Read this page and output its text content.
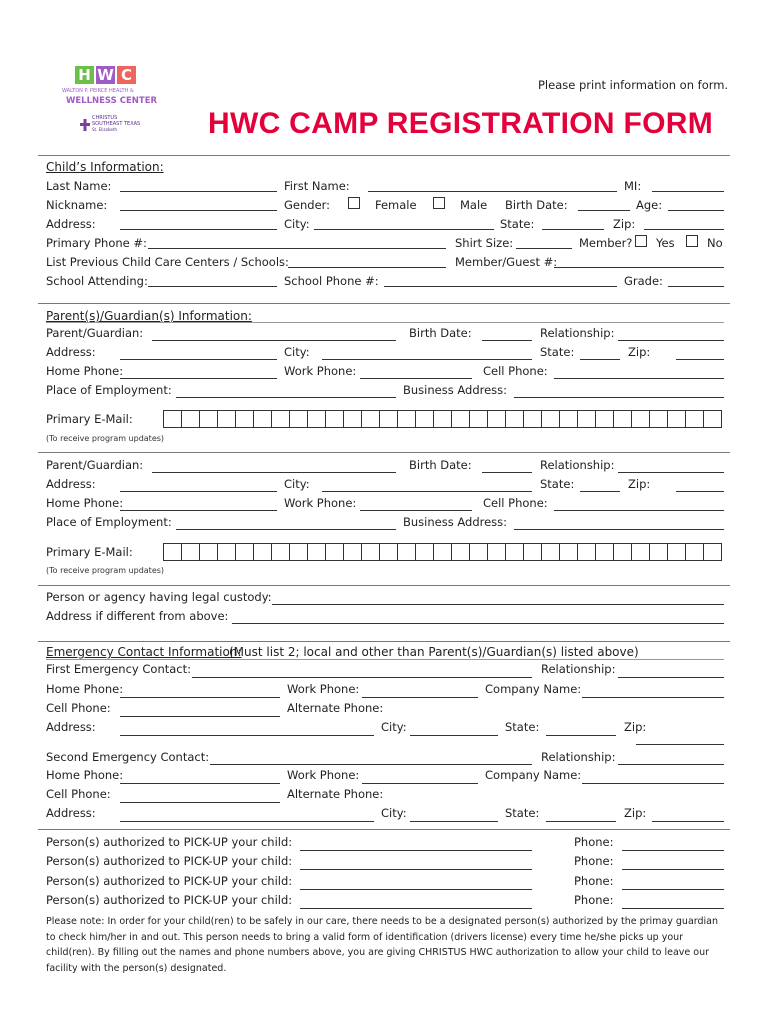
H W C
WALTON P. PEIRCE HEALTH &
WELLNESS CENTER
CHRISTUS
SOUTHEAST TEXAS
St. Elizabeth
Please print information on form.
HWC CAMP REGISTRATION FORM
Child’s Information:
Last Name:	First Name:	MI:
Nickname:	Gender:	Female	Male Birth Date:	Age:
Address:	City:	State:	Zip:
Primary Phone #:	Shirt Size:	Member? Yes	No
List Previous Child Care Centers / Schools:	Member/Guest #:
School Attending:	School Phone #:	Grade:
Parent(s)/Guardian(s) Information:
Parent/Guardian:	Birth Date:	Relationship:
Address:	City:	State:	Zip:
Home Phone:	Work Phone:	Cell Phone:
Place of Employment:	Business Address:
Primary E-Mail:
(To receive program updates)
Parent/Guardian:	Birth Date:	Relationship:
Address:	City:	State:	Zip:
Home Phone:	Work Phone:	Cell Phone:
Place of Employment:	Business Address:
Primary E-Mail:
(To receive program updates)
Person or agency having legal custody:
Address if different from above:
Emergency Contact Information:
(Must list 2; local and other than Parent(s)/Guardian(s) listed above)
First Emergency Contact:	Relationship:
Home Phone:	Work Phone:	Company Name:
Cell Phone:	Alternate Phone:
Address:	City:	State:	Zip:
Second Emergency Contact:	Relationship:
Home Phone:	Work Phone:	Company Name:
Cell Phone:	Alternate Phone:
Address:	City:	State:	Zip:
Person(s) authorized to PICK-UP your child:	Phone:
Person(s) authorized to PICK-UP your child:	Phone:
Person(s) authorized to PICK-UP your child:	Phone:
Person(s) authorized to PICK-UP your child:	Phone:
Please note: In order for your child(ren) to be safely in our care, there needs to be a designated person(s) authorized by the primay guardian to check him/her in and out. This person needs to bring a valid form of identification (drivers license) every time he/she picks up your child(ren). By filling out the names and phone numbers above, you are giving CHRISTUS HWC authorization to allow your child to leave our facility with the person(s) designated.
